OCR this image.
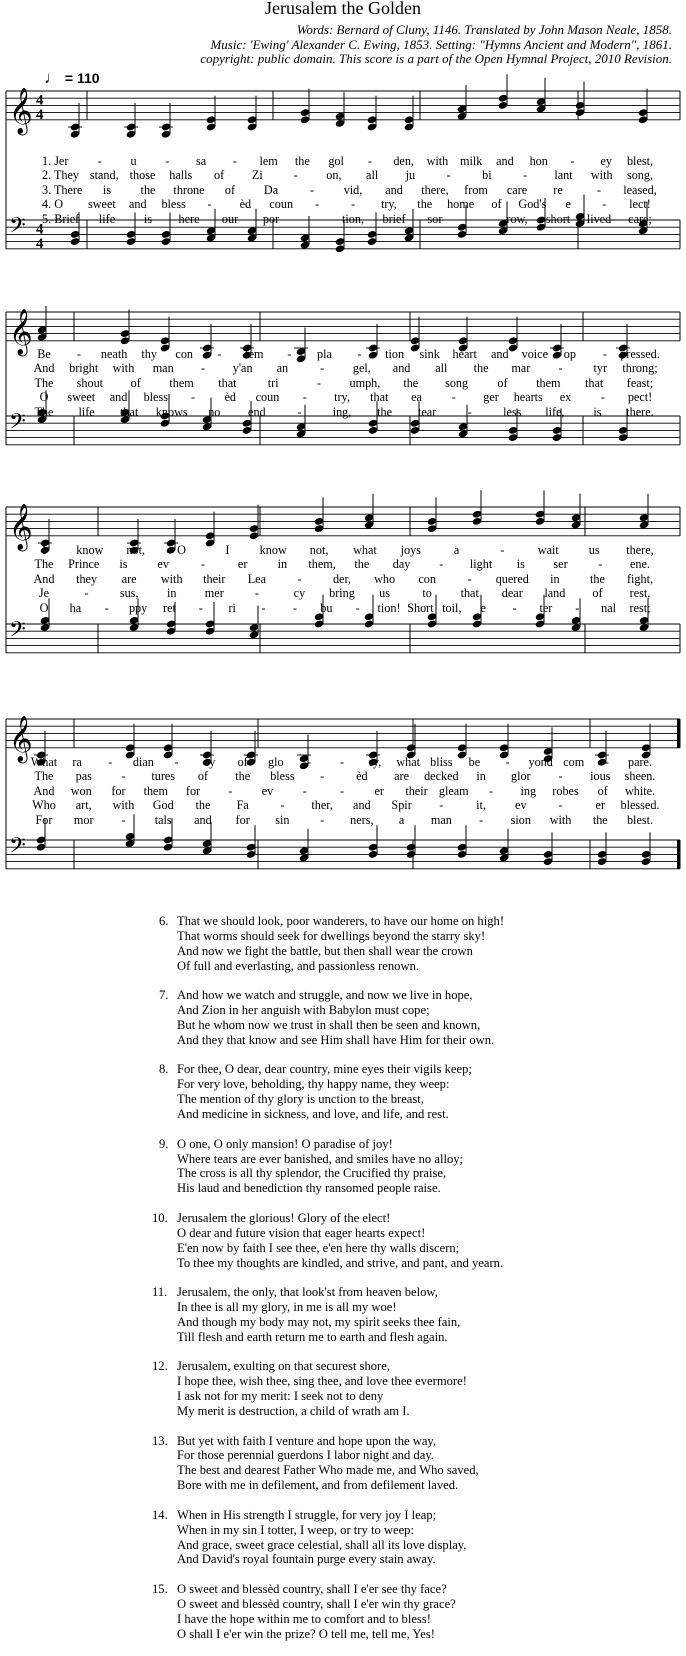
Jerusalem the Golden
Words: Bernard of Cluny, 1146. Translated by John Mason Neale, 1858.
Music: 'Ewing' Alexander C. Ewing, 1853. Setting: "Hymns Ancient and Modern", 1861.
copyright: public domain. This score is a part of the Open Hymnal Project, 2010 Revision.
♩ = 110
𝄞 4
4
𝄢 4
4
𝄞
𝄢
𝄞
𝄢
𝄞
𝄢
1. Jer - u - sa - lem the gol - den, with milk and hon - ey blest,
2. They stand, those halls of Zi	- on, all ju	-	bi	- lant with song,
3. There is the throne of Da	- vid, and there, from care re	- leased,
4. O sweet and bless - èd coun -	- try, the home of God's e	- lect!
5. Brief life is here our por	- tion, brief sor	- row, short lived care;
Be - neath thy con - tem - pla - tion sink heart and voice op - pressed.
And bright with man - y'an an	- gel, and all the mar -	tyr throng;
The shout of them that	tri	- umph, the song of them that feast;
O sweet and bless - èd coun - try, that ea - ger hearts ex - pect!
The life that knows no end	-	ing, the tear	-	less life, is there.
I know not,	O	I know not, what joys	a	-	wait us there,
The Prince is ev	-	er in them, the day - light is ser	- ene.
And they are with their Lea	-	der, who con	- quered in the fight,
Je	-	sus, in mer	-	cy bring us	to that dear land of rest,
O ha - ppy ret - ri - - bu - tion! Short toil, e - ter - nal rest;
What ra - dian - cy of glo - - ry, what bliss be - yond com - pare.
The pas - tures of the bless -	èd are decked in glor - ious sheen.
And won for them for - ev -	- er their gleam - ing robes of white.
Who art, with God the Fa	- ther, and Spir -	it, ev	-	er blessed.
For mor - tals and for sin	- ners, a man - sion with the blest.
6. That we should look, poor wanderers, to have our home on high!
That worms should seek for dwellings beyond the starry sky!
And now we fight the battle, but then shall wear the crown
Of full and everlasting, and passionless renown.
7. And how we watch and struggle, and now we live in hope,
And Zion in her anguish with Babylon must cope;
But he whom now we trust in shall then be seen and known,
And they that know and see Him shall have Him for their own.
8. For thee, O dear, dear country, mine eyes their vigils keep;
For very love, beholding, thy happy name, they weep:
The mention of thy glory is unction to the breast,
And medicine in sickness, and love, and life, and rest.
9. O one, O only mansion! O paradise of joy!
Where tears are ever banished, and smiles have no alloy;
The cross is all thy splendor, the Crucified thy praise,
His laud and benediction thy ransomed people raise.
10. Jerusalem the glorious! Glory of the elect!
O dear and future vision that eager hearts expect!
E'en now by faith I see thee, e'en here thy walls discern;
To thee my thoughts are kindled, and strive, and pant, and yearn.
11. Jerusalem, the only, that look'st from heaven below,
In thee is all my glory, in me is all my woe!
And though my body may not, my spirit seeks thee fain,
Till flesh and earth return me to earth and flesh again.
12. Jerusalem, exulting on that securest shore,
I hope thee, wish thee, sing thee, and love thee evermore!
I ask not for my merit: I seek not to deny
My merit is destruction, a child of wrath am I.
13. But yet with faith I venture and hope upon the way,
For those perennial guerdons I labor night and day.
The best and dearest Father Who made me, and Who saved,
Bore with me in defilement, and from defilement laved.
14. When in His strength I struggle, for very joy I leap;
When in my sin I totter, I weep, or try to weep:
And grace, sweet grace celestial, shall all its love display,
And David's royal fountain purge every stain away.
15. O sweet and blessèd country, shall I e'er see thy face?
O sweet and blessèd country, shall I e'er win thy grace?
I have the hope within me to comfort and to bless!
O shall I e'er win the prize? O tell me, tell me, Yes!
